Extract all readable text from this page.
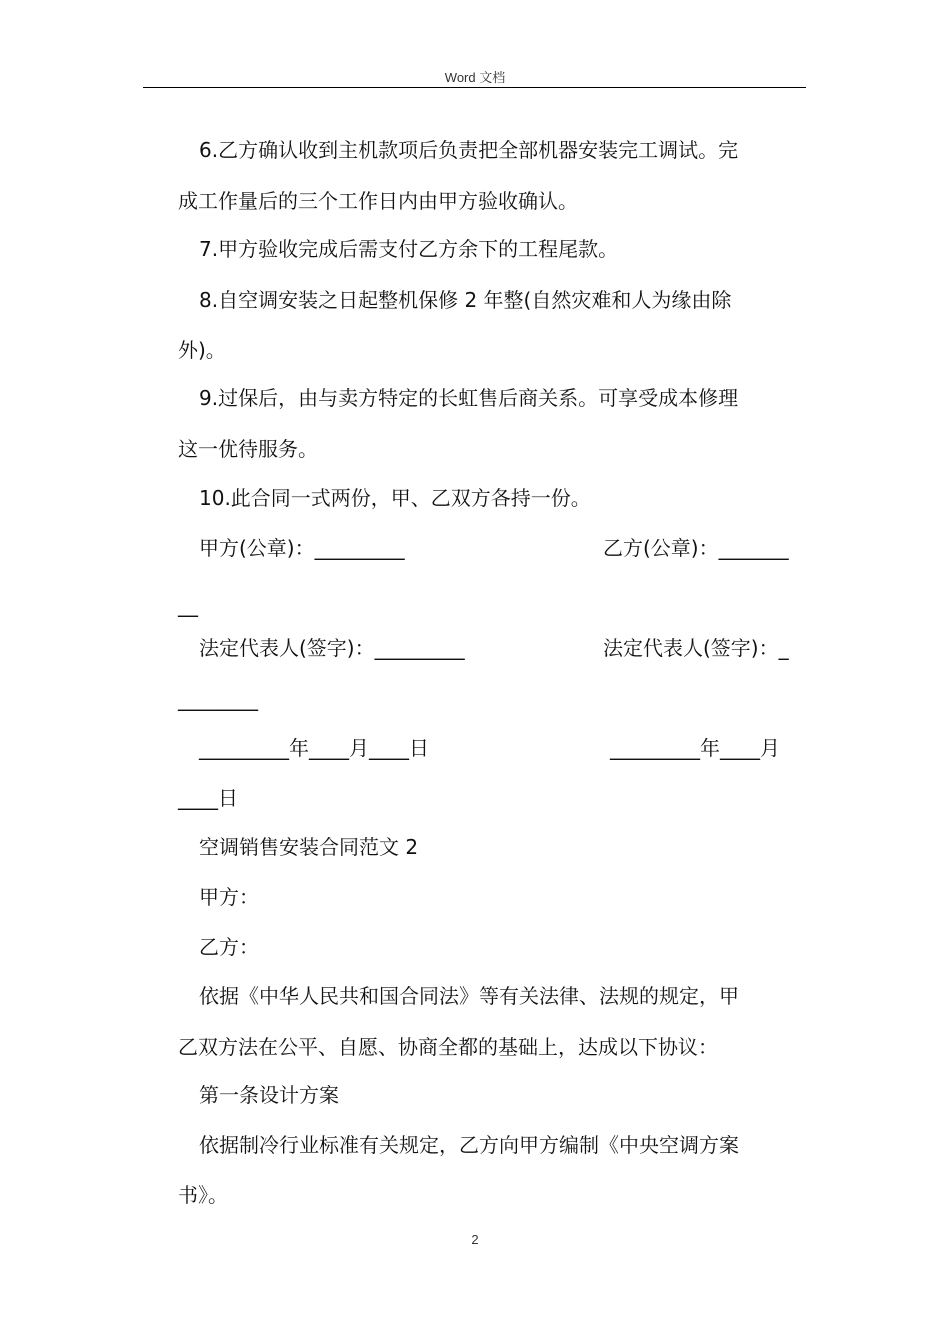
Word 文档
6.乙方确认收到主机款项后负责把全部机器安装完工调试。完
成工作量后的三个工作日内由甲方验收确认。
7.甲方验收完成后需支付乙方余下的工程尾款。
8.自空调安装之日起整机保修 2 年整(自然灾难和人为缘由除
外)。
9.过保后，由与卖方特定的长虹售后商关系。可享受成本修理
这一优待服务。
10.此合同一式两份，甲、乙双方各持一份。
甲方(公章)：_________	乙方(公章)：_______
__
法定代表人(签字)：_________	法定代表人(签字)：_
________
_________年____月____日	_________年____月
____日
空调销售安装合同范文 2
甲方：
乙方：
依据《中华人民共和国合同法》等有关法律、法规的规定，甲
乙双方法在公平、自愿、协商全都的基础上，达成以下协议：
第一条设计方案
依据制冷行业标准有关规定，乙方向甲方编制《中央空调方案
书》。
2
